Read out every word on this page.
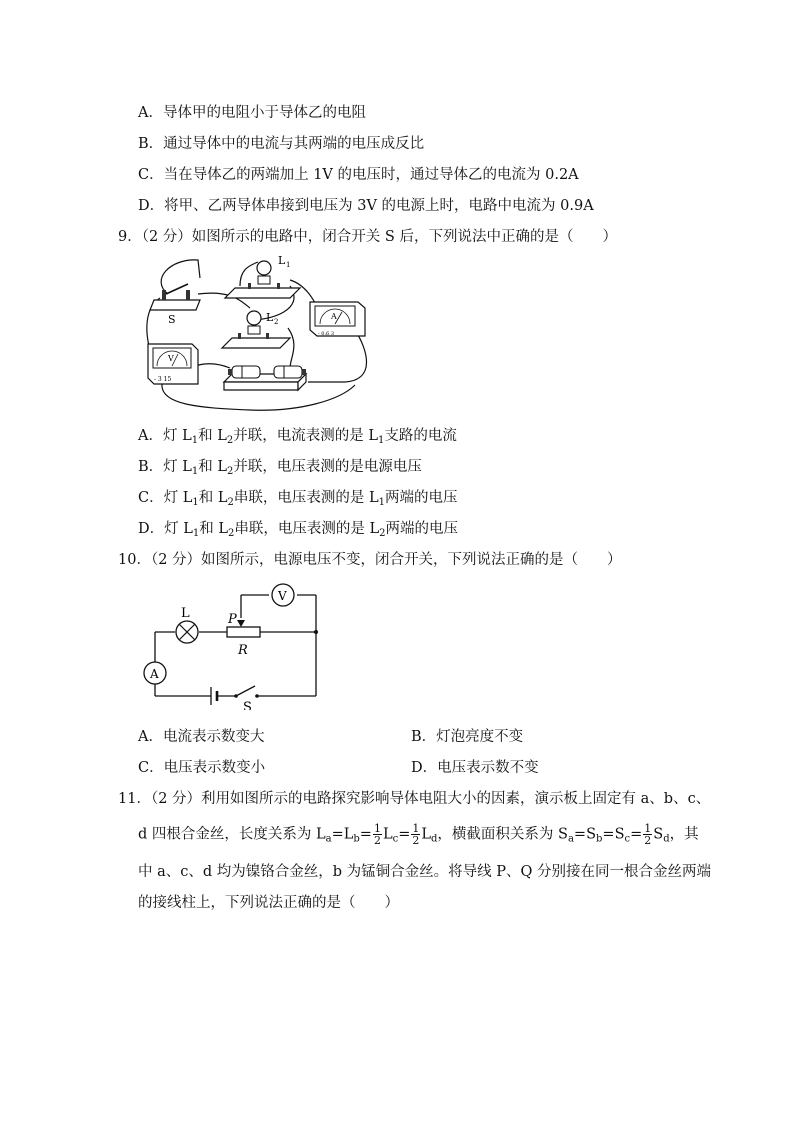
A．导体甲的电阻小于导体乙的电阻
B．通过导体中的电流与其两端的电压成反比
C．当在导体乙的两端加上 1V 的电压时，通过导体乙的电流为 0.2A
D．将甲、乙两导体串接到电压为 3V 的电源上时，电路中电流为 0.9A
9．（2 分）如图所示的电路中，闭合开关 S 后，下列说法中正确的是（　　）
S
L 1
L 2
A
- 0.6 3
V
- 3 15
A．灯 $L_1$和 $L_2$并联，电流表测的是 $L_1$支路的电流
B．灯 $L_1$和 $L_2$并联，电压表测的是电源电压
C．灯 $L_1$和 $L_2$串联，电压表测的是 $L_1$两端的电压
D．灯 $L_1$和 $L_2$串联，电压表测的是 $L_2$两端的电压
10．（2 分）如图所示，电源电压不变，闭合开关，下列说法正确的是（　　）
L	P
R
V
A
S
A．电流表示数变大	B．灯泡亮度不变
C．电压表示数变小	D．电压表示数不变
11．（2 分）利用如图所示的电路探究影响导体电阻大小的因素，演示板上固定有 a、b、c、
d 四根合金丝，长度关系为 $L_a=L_b= \frac{1}{2} L_c= \frac{1}{2} L_d$，横截面积关系为 $S_a=S_b=S_c= \frac{1}{2} S_d$，其
中 a、c、d 均为镍铬合金丝，b 为锰铜合金丝。将导线 P、Q 分别接在同一根合金丝两端
的接线柱上，下列说法正确的是（　　）
